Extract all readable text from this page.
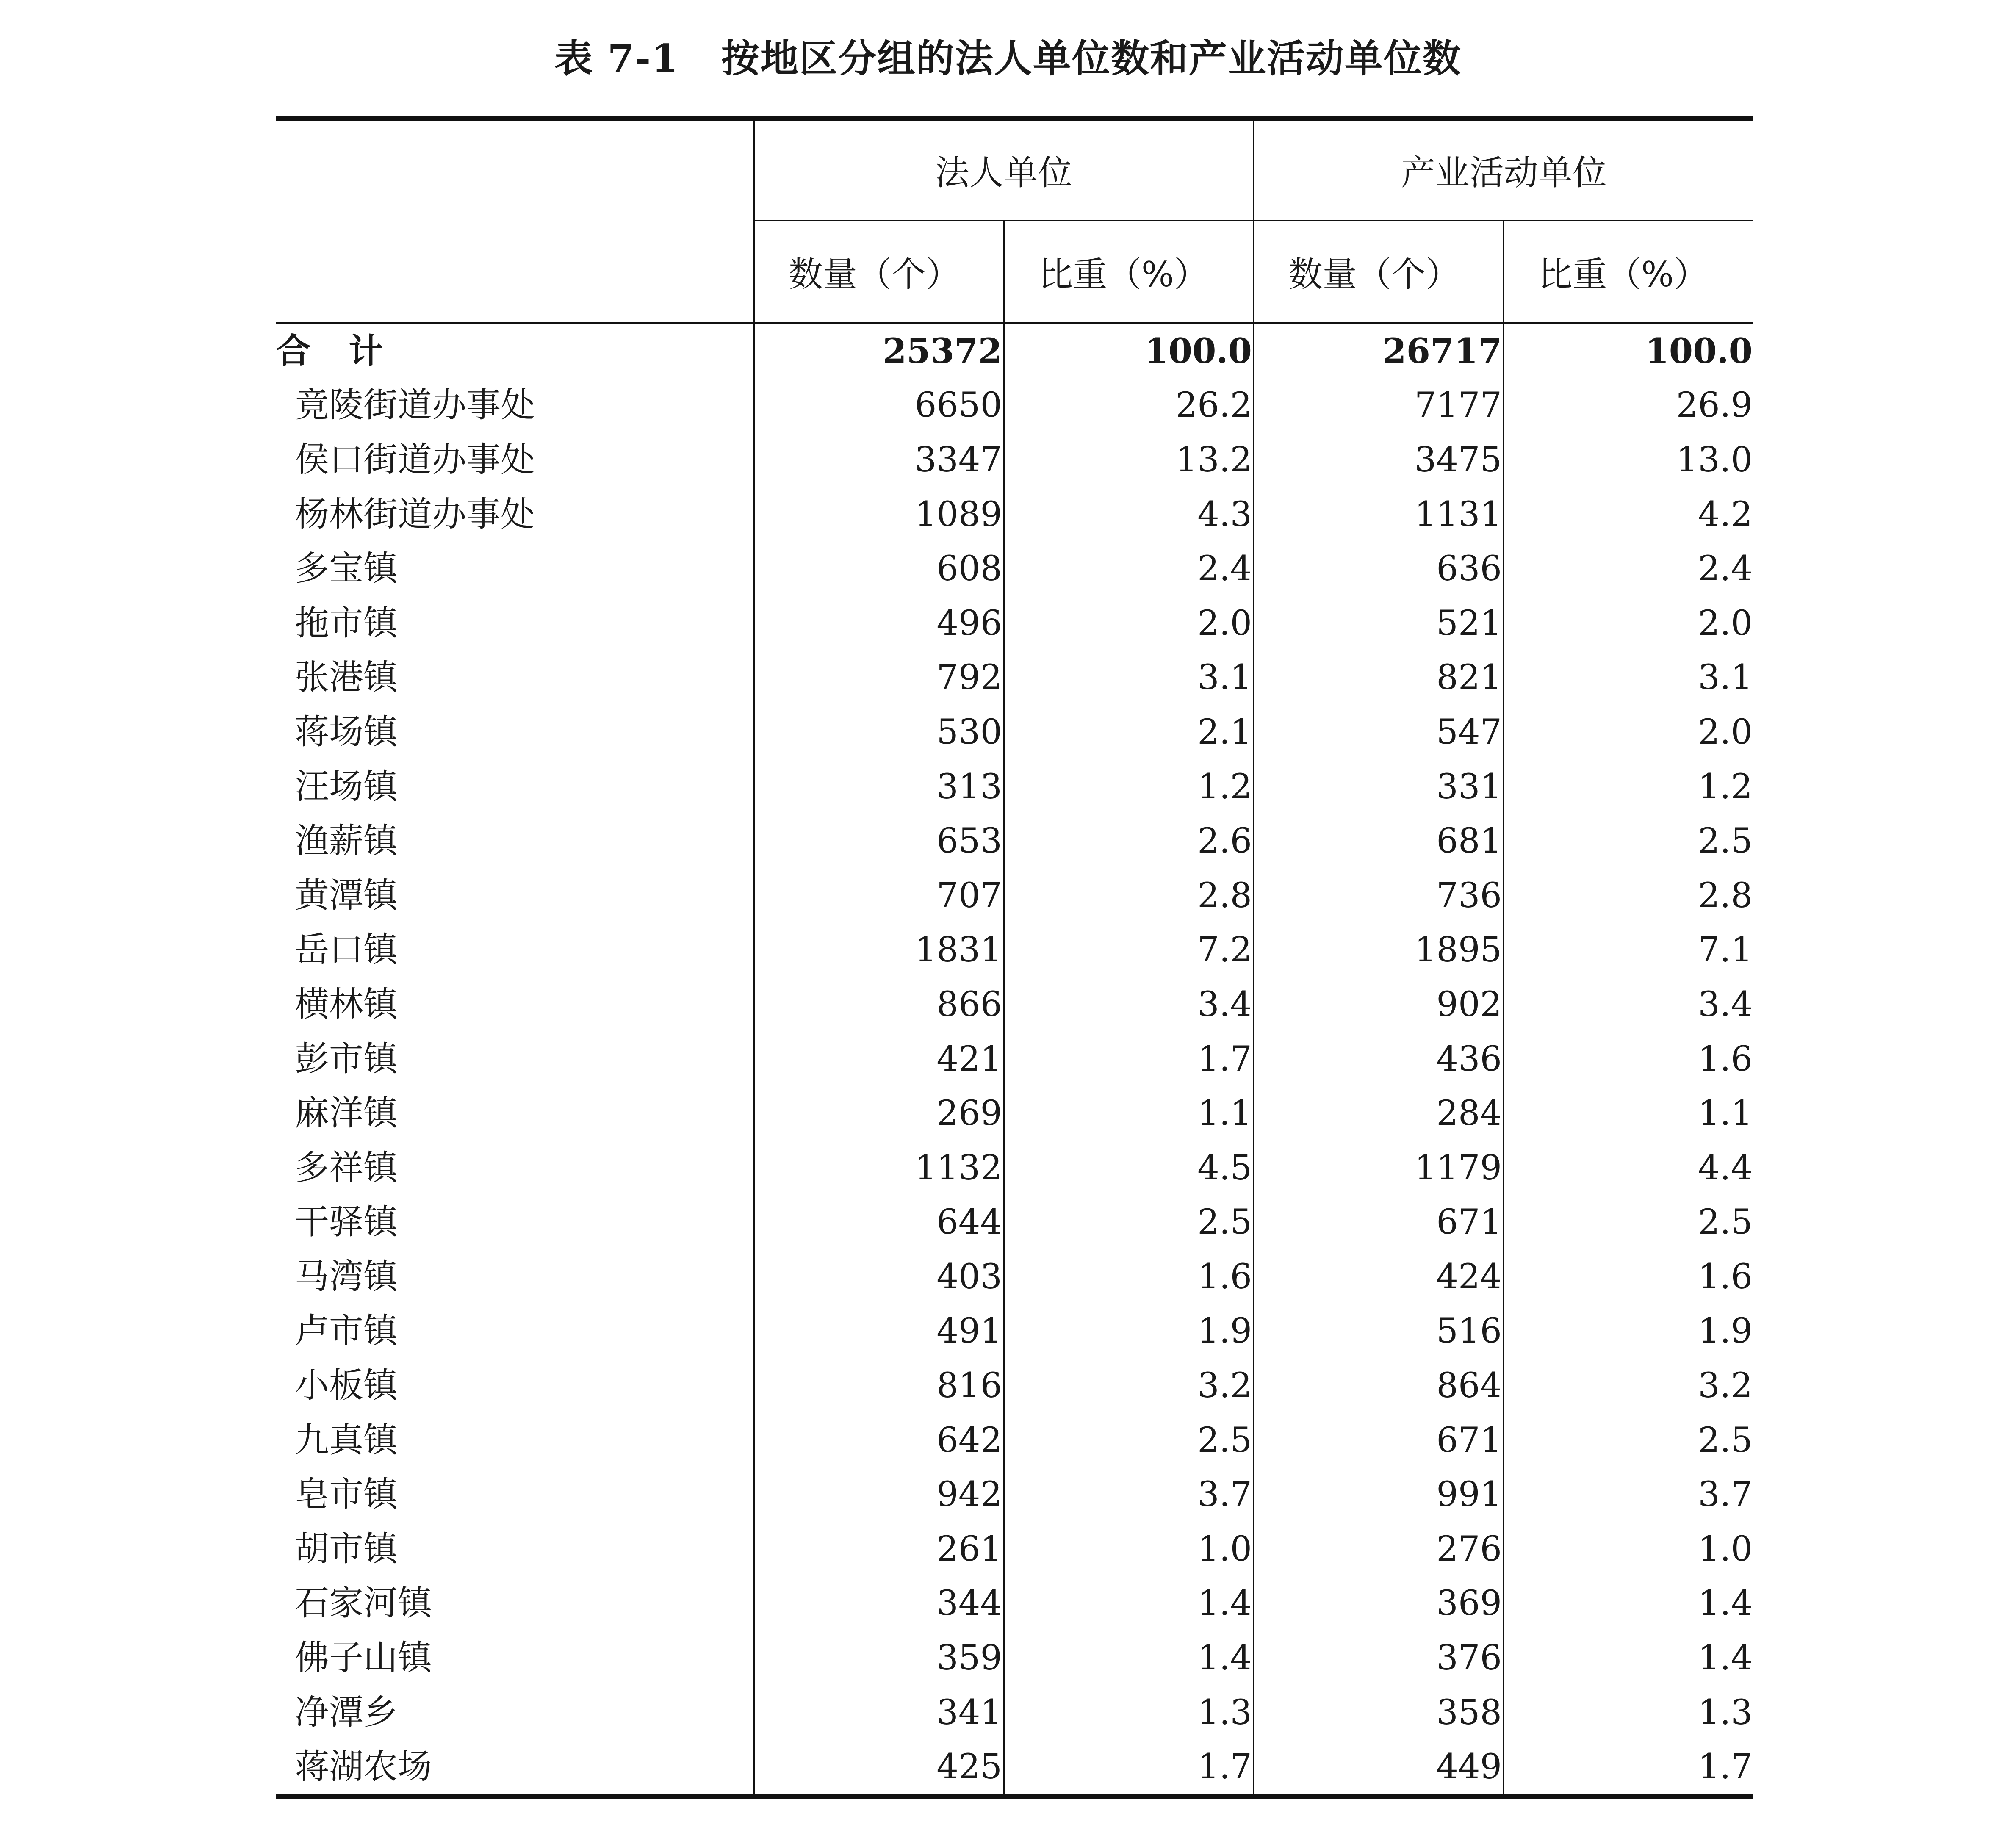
表 7-1 按地区分组的法人单位数和产业活动单位数
	法人单位		产业活动单位	
	数量（个）	比重（%）	数量（个）	比重（%）
合计	25372	100.0	26717	100.0
竟陵街道办事处	6650	26.2	7177	26.9
侯口街道办事处	3347	13.2	3475	13.0
杨林街道办事处	1089	4.3	1131	4.2
多宝镇	608	2.4	636	2.4
拖市镇	496	2.0	521	2.0
张港镇	792	3.1	821	3.1
蒋场镇	530	2.1	547	2.0
汪场镇	313	1.2	331	1.2
渔薪镇	653	2.6	681	2.5
黄潭镇	707	2.8	736	2.8
岳口镇	1831	7.2	1895	7.1
横林镇	866	3.4	902	3.4
彭市镇	421	1.7	436	1.6
麻洋镇	269	1.1	284	1.1
多祥镇	1132	4.5	1179	4.4
干驿镇	644	2.5	671	2.5
马湾镇	403	1.6	424	1.6
卢市镇	491	1.9	516	1.9
小板镇	816	3.2	864	3.2
九真镇	642	2.5	671	2.5
皂市镇	942	3.7	991	3.7
胡市镇	261	1.0	276	1.0
石家河镇	344	1.4	369	1.4
佛子山镇	359	1.4	376	1.4
净潭乡	341	1.3	358	1.3
蒋湖农场	425	1.7	449	1.7
